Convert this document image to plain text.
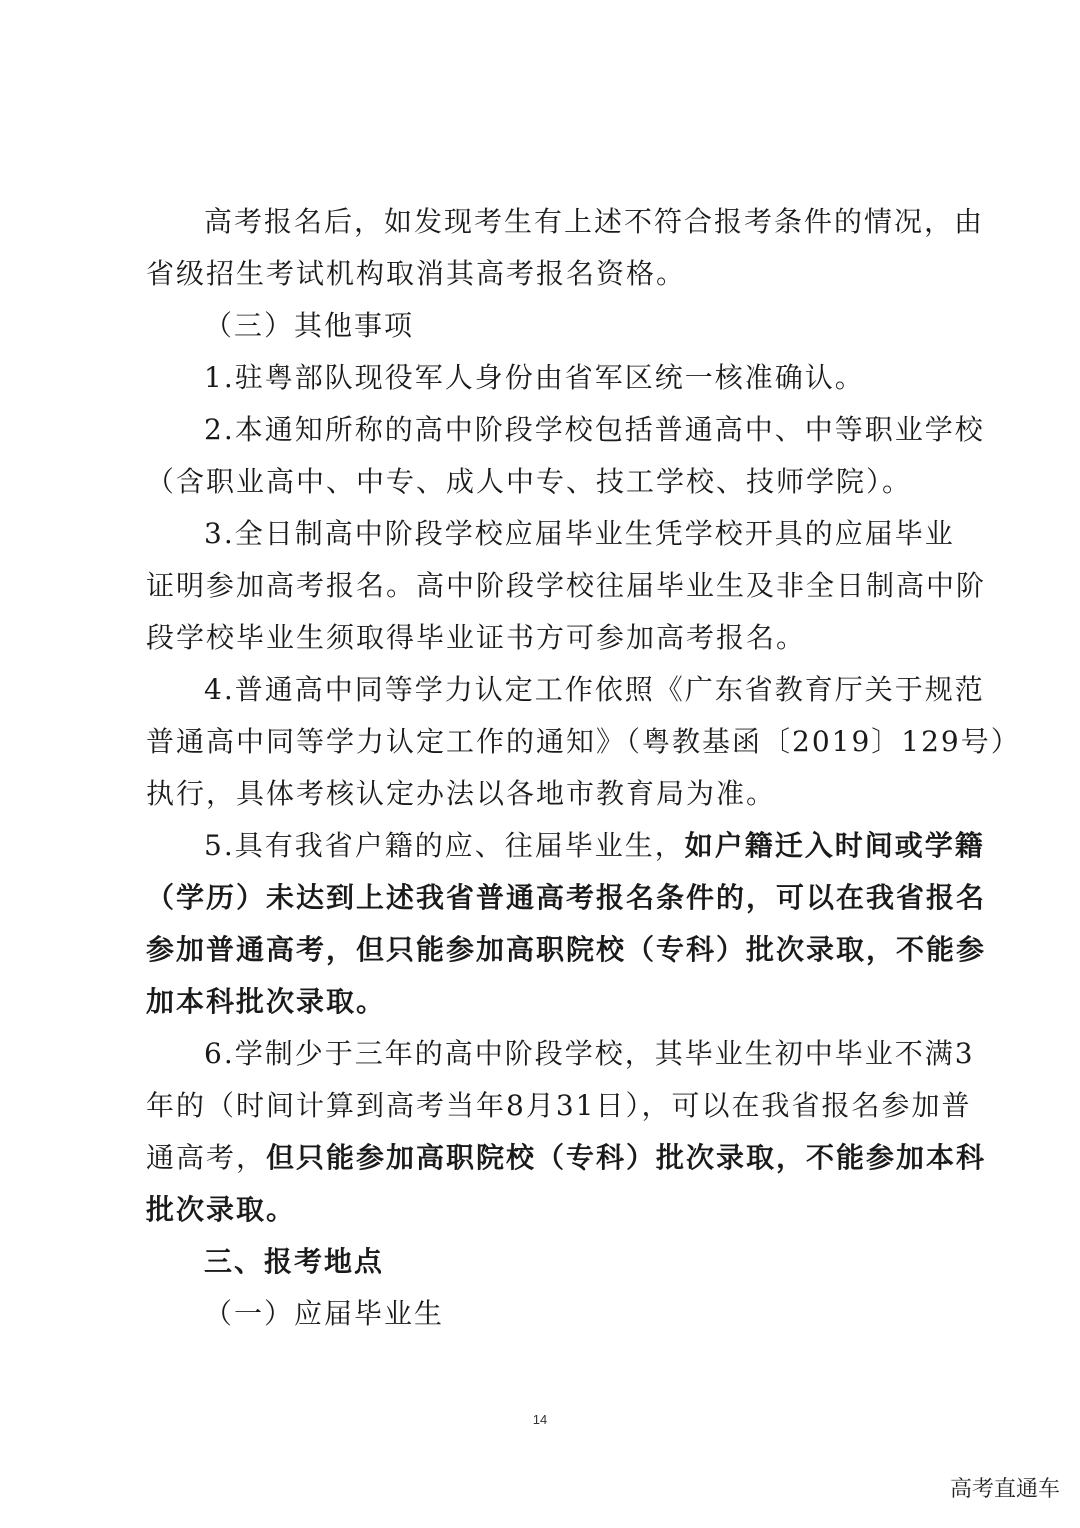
高考报名后，如发现考生有上述不符合报考条件的情况，由
省级招生考试机构取消其高考报名资格。
（三）其他事项
1.驻粤部队现役军人身份由省军区统一核准确认。
2.本通知所称的高中阶段学校包括普通高中、中等职业学校
（含职业高中、中专、成人中专、技工学校、技师学院）。
3.全日制高中阶段学校应届毕业生凭学校开具的应届毕业
证明参加高考报名。高中阶段学校往届毕业生及非全日制高中阶
段学校毕业生须取得毕业证书方可参加高考报名。
4.普通高中同等学力认定工作依照《广东省教育厅关于规范
普通高中同等学力认定工作的通知》（粤教基函〔2019〕129号）
执行，具体考核认定办法以各地市教育局为准。
5.具有我省户籍的应、往届毕业生，如户籍迁入时间或学籍
（学历）未达到上述我省普通高考报名条件的，可以在我省报名
参加普通高考，但只能参加高职院校（专科）批次录取，不能参
加本科批次录取。
6.学制少于三年的高中阶段学校，其毕业生初中毕业不满3
年的（时间计算到高考当年8月31日），可以在我省报名参加普
通高考，但只能参加高职院校（专科）批次录取，不能参加本科
批次录取。
三、报考地点
（一）应届毕业生
14
高考直通车
